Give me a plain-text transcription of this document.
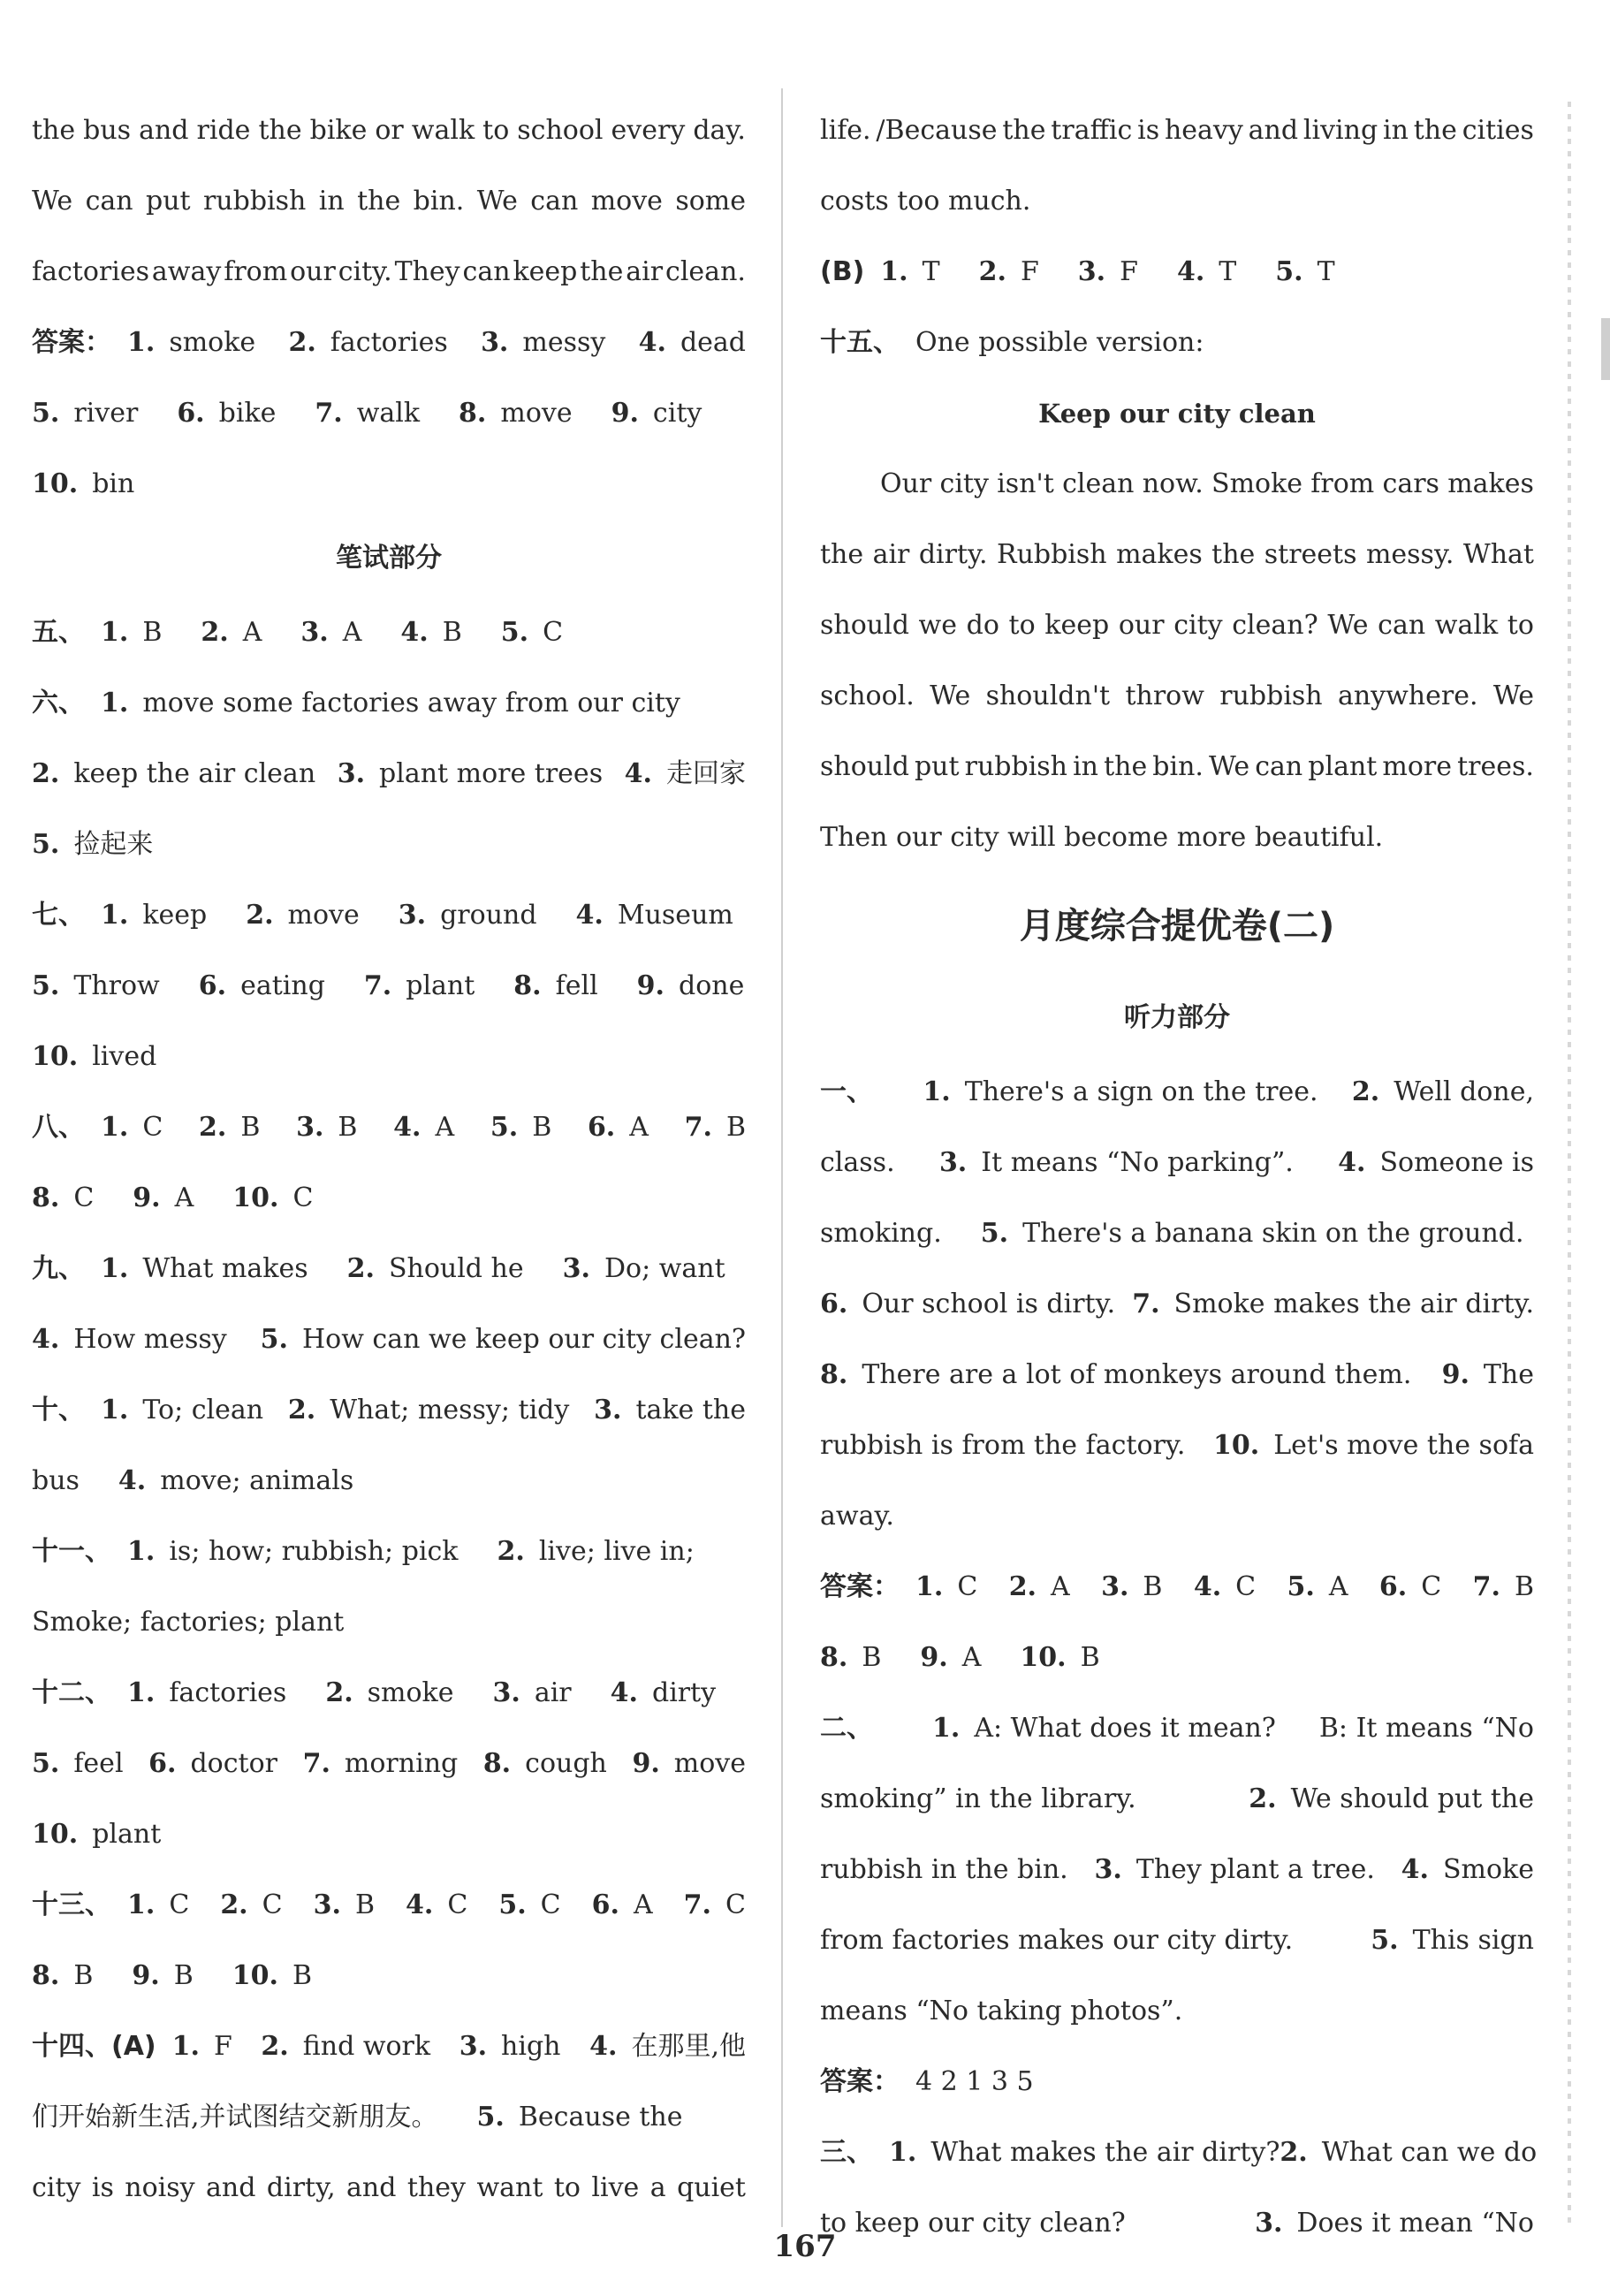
the bus and ride the bike or walk to school every day.
We can put rubbish in the bin. We can move some
factories away from our city. They can keep the air clean.
答案： 1. smoke 2. factories 3. messy 4. dead
5. river 6. bike 7. walk 8. move 9. city
10. bin
笔试部分
五、 1. B 2. A 3. A 4. B 5. C
六、 1. move some factories away from our city
2. keep the air clean 3. plant more trees 4. 走回家
5. 捡起来
七、 1. keep 2. move 3. ground 4. Museum
5. Throw 6. eating 7. plant 8. fell 9. done
10. lived
八、 1. C 2. B 3. B 4. A 5. B 6. A 7. B
8. C 9. A 10. C
九、 1. What makes 2. Should he 3. Do; want
4. How messy 5. How can we keep our city clean?
十、 1. To; clean 2. What; messy; tidy 3. take the
bus 4. move; animals
十一、 1. is; how; rubbish; pick 2. live; live in;
Smoke; factories; plant
十二、 1. factories 2. smoke 3. air 4. dirty
5. feel 6. doctor 7. morning 8. cough 9. move
10. plant
十三、 1. C 2. C 3. B 4. C 5. C 6. A 7. C
8. B 9. B 10. B
十四、(A) 1. F 2. find work 3. high 4. 在那里,他
们开始新生活,并试图结交新朋友。 5. Because the
city is noisy and dirty, and they want to live a quiet
life. /Because the traffic is heavy and living in the cities
costs too much.
(B) 1. T 2. F 3. F 4. T 5. T
十五、 One possible version:
Keep our city clean
Our city isn't clean now. Smoke from cars makes
the air dirty. Rubbish makes the streets messy. What
should we do to keep our city clean? We can walk to
school. We shouldn't throw rubbish anywhere. We
should put rubbish in the bin. We can plant more trees.
Then our city will become more beautiful.
月度综合提优卷(二)
听力部分
一、 1. There's a sign on the tree. 2. Well done,
class. 3. It means “No parking”. 4. Someone is
smoking. 5. There's a banana skin on the ground.
6. Our school is dirty. 7. Smoke makes the air dirty.
8. There are a lot of monkeys around them. 9. The
rubbish is from the factory. 10. Let's move the sofa
away.
答案： 1. C 2. A 3. B 4. C 5. A 6. C 7. B
8. B 9. A 10. B
二、 1. A: What does it mean? B: It means “No
smoking” in the library.	2. We should put the
rubbish in the bin. 3. They plant a tree. 4. Smoke
from factories makes our city dirty.	5. This sign
means “No taking photos”.
答案： 4 2 1 3 5
三、 1. What makes the air dirty? 2. What can we do
to keep our city clean?	3. Does it mean “No
167
